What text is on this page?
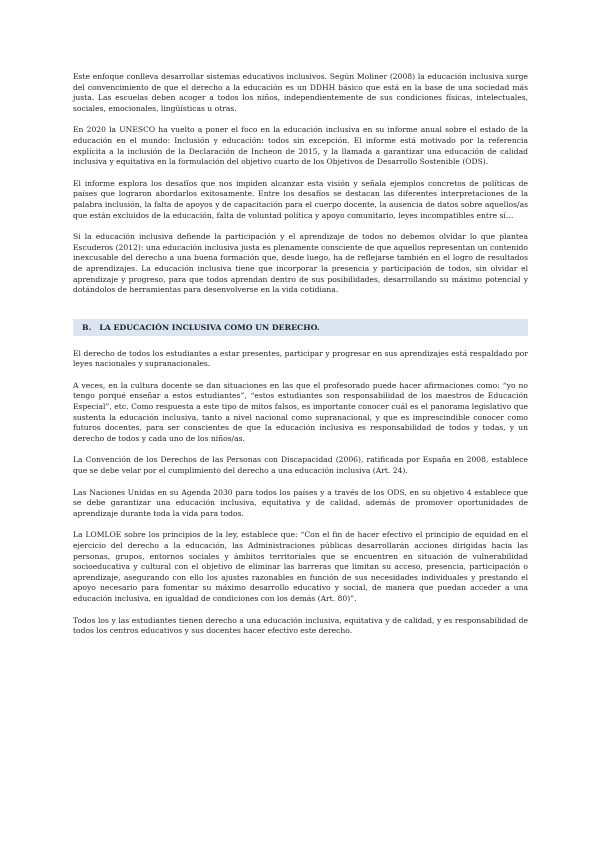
Este enfoque conlleva desarrollar sistemas educativos inclusivos. Según Moliner (2008) la educación inclusiva surge del convencimiento de que el derecho a la educación es un DDHH básico que está en la base de una sociedad más justa. Las escuelas deben acoger a todos los niños, independientemente de sus condiciones físicas, intelectuales, sociales, emocionales, lingüísticas u otras.

En 2020 la UNESCO ha vuelto a poner el foco en la educación inclusiva en su informe anual sobre el estado de la educación en el mundo: Inclusión y educación: todos sin excepción. El informe está motivado por la referencia explícita a la inclusión de la Declaración de Incheon de 2015, y la llamada a garantizar una educación de calidad inclusiva y equitativa en la formulación del objetivo cuarto de los Objetivos de Desarrollo Sostenible (ODS).

El informe explora los desafíos que nos impiden alcanzar esta visión y señala ejemplos concretos de políticas de países que lograron abordarlos exitosamente. Entre los desafíos se destacan las diferentes interpretaciones de la palabra inclusión, la falta de apoyos y de capacitación para el cuerpo docente, la ausencia de datos sobre aquellos/as que están excluidos de la educación, falta de voluntad política y apoyo comunitario, leyes incompatibles entre sí…

Si la educación inclusiva defiende la participación y el aprendizaje de todos no debemos olvidar lo que plantea Escuderos (2012): una educación inclusiva justa es plenamente consciente de que aquellos representan un contenido inexcusable del derecho a una buena formación que, desde luego, ha de reflejarse también en el logro de resultados de aprendizajes. La educación inclusiva tiene que incorporar la presencia y participación de todos, sin olvidar el aprendizaje y progreso, para que todos aprendan dentro de sus posibilidades, desarrollando su máximo potencial y dotándolos de herramientas para desenvolverse en la vida cotidiana.

B. LA EDUCACIÓN INCLUSIVA COMO UN DERECHO.

El derecho de todos los estudiantes a estar presentes, participar y progresar en sus aprendizajes está respaldado por leyes nacionales y supranacionales.

A veces, en la cultura docente se dan situaciones en las que el profesorado puede hacer afirmaciones como: “yo no tengo porqué enseñar a estos estudiantes”, “estos estudiantes son responsabilidad de los maestros de Educación Especial”, etc. Como respuesta a este tipo de mitos falsos, es importante conocer cuál es el panorama legislativo que sustenta la educación inclusiva, tanto a nivel nacional como supranacional, y que es imprescindible conocer como futuros docentes, para ser conscientes de que la educación inclusiva es responsabilidad de todos y todas, y un derecho de todos y cada uno de los niños/as.

La Convención de los Derechos de las Personas con Discapacidad (2006), ratificada por España en 2008, establece que se debe velar por el cumplimiento del derecho a una educación inclusiva (Art. 24).

Las Naciones Unidas en su Agenda 2030 para todos los países y a través de los ODS, en su objetivo 4 establece que se debe garantizar una educación inclusiva, equitativa y de calidad, además de promover oportunidades de aprendizaje durante toda la vida para todos.

La LOMLOE sobre los principios de la ley, establece que: “Con el fin de hacer efectivo el principio de equidad en el ejercicio del derecho a la educación, las Administraciones públicas desarrollarán acciones dirigidas hacia las personas, grupos, entornos sociales y ámbitos territoriales que se encuentren en situación de vulnerabilidad socioeducativa y cultural con el objetivo de eliminar las barreras que limitan su acceso, presencia, participación o aprendizaje, asegurando con ello los ajustes razonables en función de sus necesidades individuales y prestando el apoyo necesario para fomentar su máximo desarrollo educativo y social, de manera que puedan acceder a una educación inclusiva, en igualdad de condiciones con los demás (Art. 80)”.

Todos los y las estudiantes tienen derecho a una educación inclusiva, equitativa y de calidad, y es responsabilidad de todos los centros educativos y sus docentes hacer efectivo este derecho.
